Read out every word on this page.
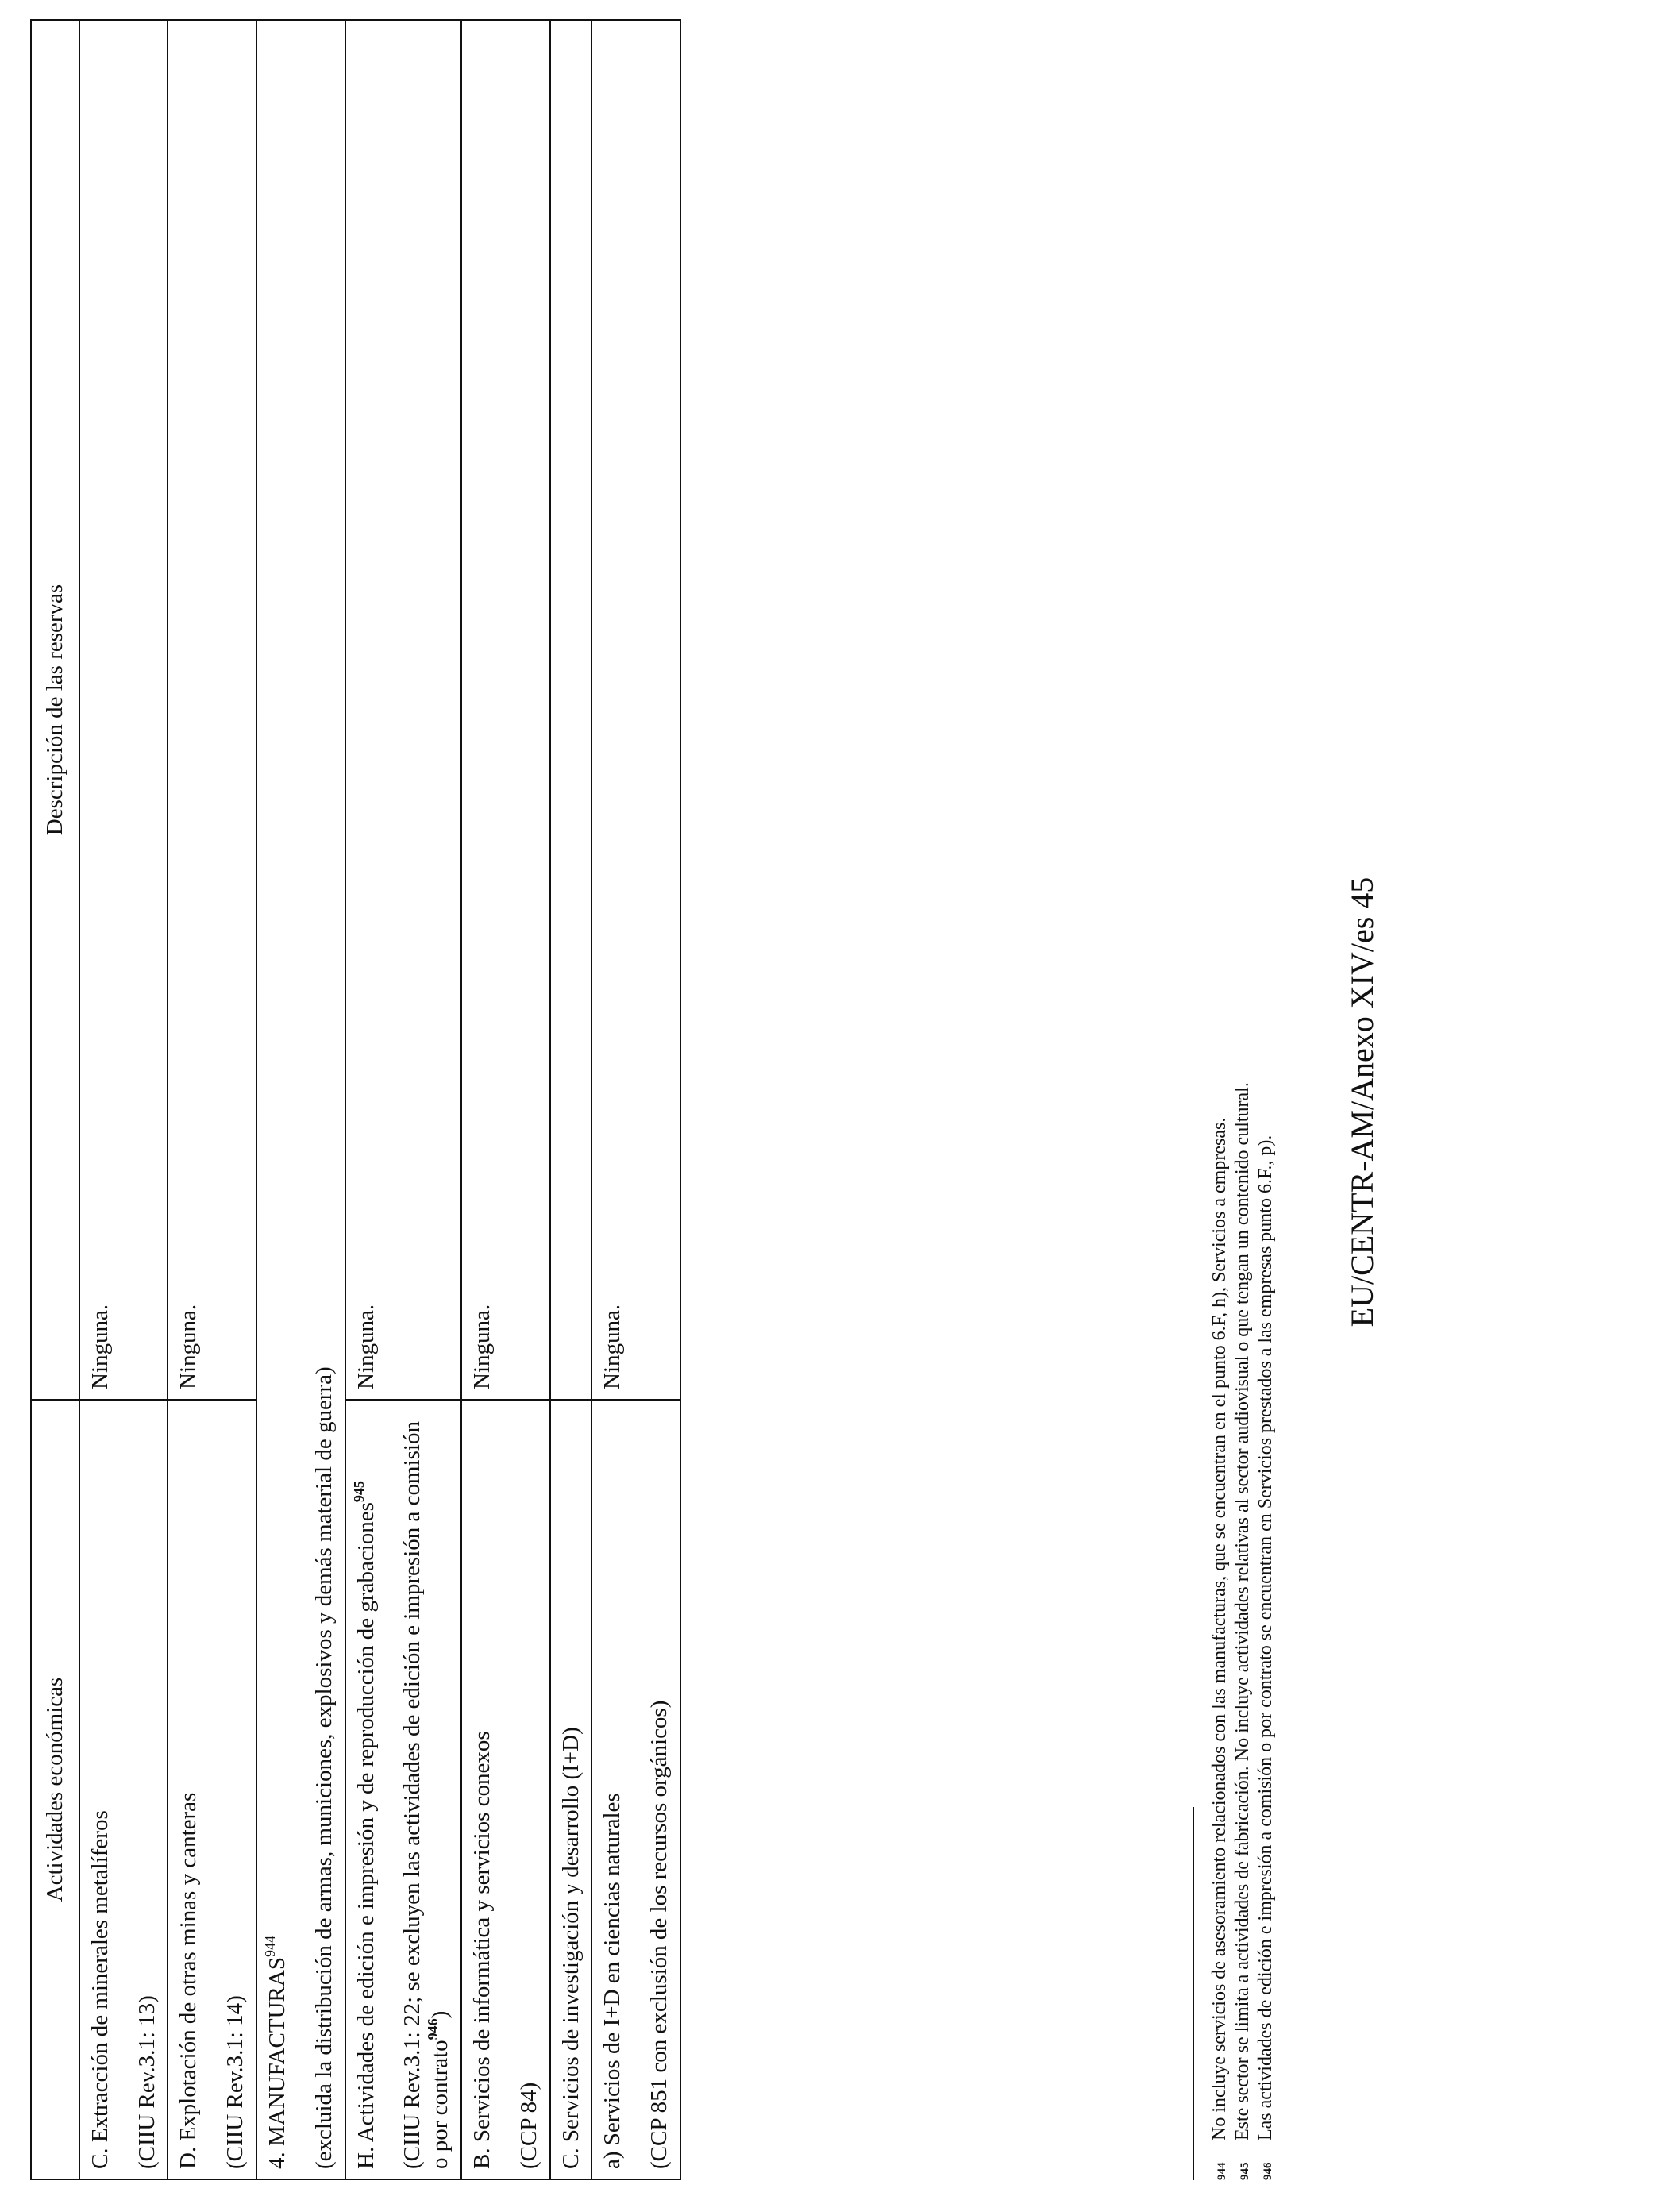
Actividades económicas	Descripción de las reservas

C. Extracción de minerales metalíferos (CIIU Rev.3.1: 13)	Ninguna.

D. Explotación de otras minas y canteras (CIIU Rev.3.1: 14)	Ninguna.

4. MANUFACTURAS$^{944}$ (excluida la distribución de armas, municiones, explosivos y demás material de guerra)	

H. Actividades de edición e impresión y de reproducción de grabaciones$^{945}$ (CIIU Rev.3.1: 22; se excluyen las actividades de edición e impresión a comisión o por contrato$^{946}$)	Ninguna.

B. Servicios de informática y servicios conexos (CCP 84)	Ninguna.

C. Servicios de investigación y desarrollo (I+D)	

a) Servicios de I+D en ciencias naturales (CCP 851 con exclusión de los recursos orgánicos)	Ninguna.

944
No incluye servicios de asesoramiento relacionados con las manufacturas, que se encuentran en el punto 6.F, h), Servicios a empresas.

945
Este sector se limita a actividades de fabricación. No incluye actividades relativas al sector audiovisual o que tengan un contenido cultural.

946
Las actividades de edición e impresión a comisión o por contrato se encuentran en Servicios prestados a las empresas punto 6.F., p).

EU/CENTR-AM/Anexo XIV/es 45
